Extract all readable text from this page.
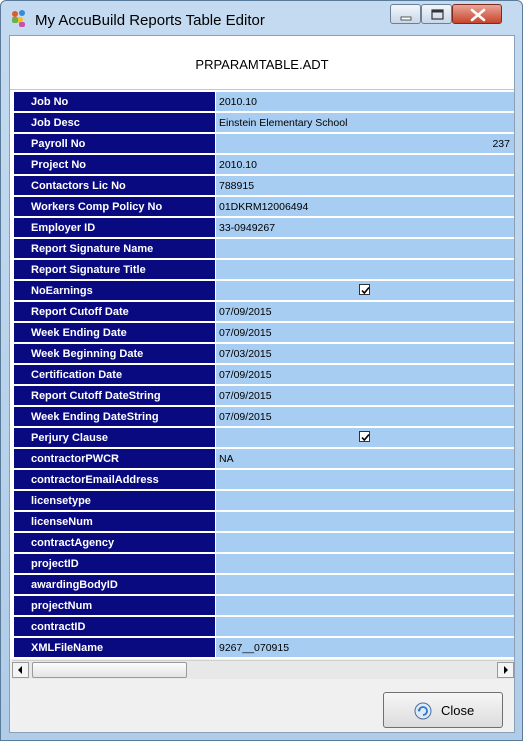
My AccuBuild Reports Table Editor
PRPARAMTABLE.ADT
Job No	2010.10
Job Desc	Einstein Elementary School
Payroll No	237
Project No	2010.10
Contactors Lic No	788915
Workers Comp Policy No	01DKRM12006494
Employer ID	33-0949267
Report Signature Name
Report Signature Title
NoEarnings
Report Cutoff Date	07/09/2015
Week Ending Date	07/09/2015
Week Beginning Date	07/03/2015
Certification Date	07/09/2015
Report Cutoff DateString	07/09/2015
Week Ending DateString	07/09/2015
Perjury Clause
contractorPWCR	NA
contractorEmailAddress
licensetype
licenseNum
contractAgency
projectID
awardingBodyID
projectNum
contractID
XMLFileName	9267__070915
Close
